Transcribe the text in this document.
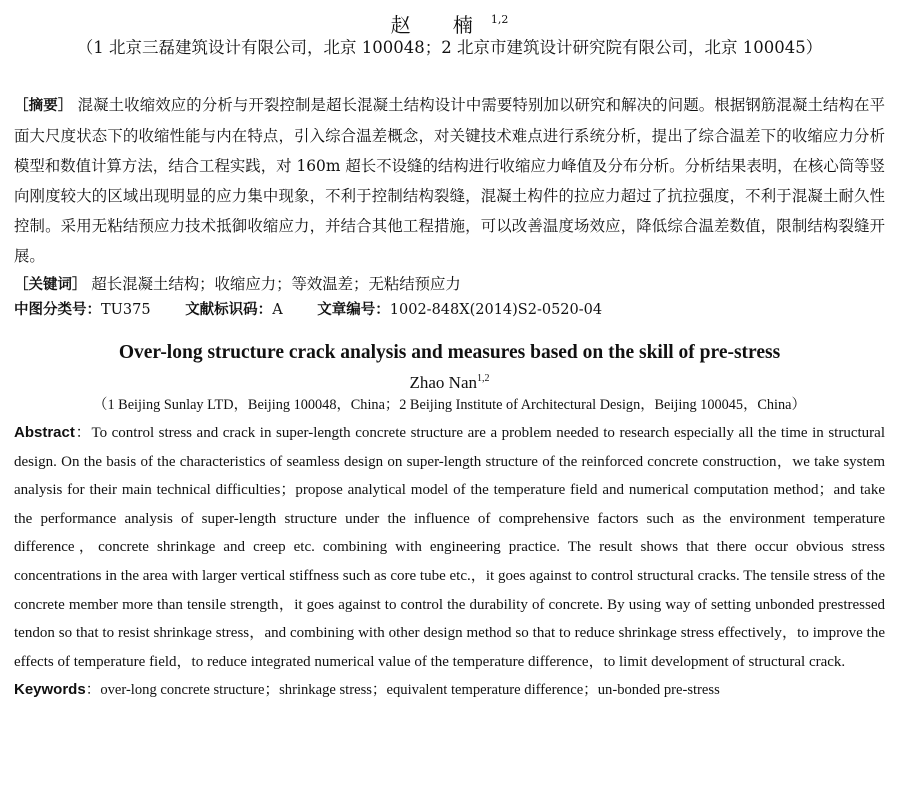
赵 楠$^{1,2}$
（1 北京三磊建筑设计有限公司，北京 100048；2 北京市建筑设计研究院有限公司，北京 100045）
［摘要］ 混凝土收缩效应的分析与开裂控制是超长混凝土结构设计中需要特别加以研究和解决的问题。根据钢筋混凝土结构在平面大尺度状态下的收缩性能与内在特点，引入综合温差概念，对关键技术难点进行系统分析，提出了综合温差下的收缩应力分析模型和数值计算方法，结合工程实践，对 160m 超长不设缝的结构进行收缩应力峰值及分布分析。分析结果表明，在核心筒等竖向刚度较大的区域出现明显的应力集中现象，不利于控制结构裂缝，混凝土构件的拉应力超过了抗拉强度，不利于混凝土耐久性控制。采用无粘结预应力技术抵御收缩应力，并结合其他工程措施，可以改善温度场效应，降低综合温差数值，限制结构裂缝开展。
［关键词］ 超长混凝土结构；收缩应力；等效温差；无粘结预应力
中图分类号：TU375 文献标识码：A 文章编号：1002-848X(2014)S2-0520-04
Over-long structure crack analysis and measures based on the skill of pre-stress
Zhao Nan$^{1,2}$
（1 Beijing Sunlay LTD，Beijing 100048，China；2 Beijing Institute of Architectural Design，Beijing 100045，China）
Abstract：To control stress and crack in super-length concrete structure are a problem needed to research especially all the time in structural design. On the basis of the characteristics of seamless design on super-length structure of the reinforced concrete construction，we take system analysis for their main technical difficulties；propose analytical model of the temperature field and numerical computation method；and take the performance analysis of super-length structure under the influence of comprehensive factors such as the environment temperature difference，concrete shrinkage and creep etc. combining with engineering practice. The result shows that there occur obvious stress concentrations in the area with larger vertical stiffness such as core tube etc.，it goes against to control structural cracks. The tensile stress of the concrete member more than tensile strength，it goes against to control the durability of concrete. By using way of setting unbonded prestressed tendon so that to resist shrinkage stress，and combining with other design method so that to reduce shrinkage stress effectively，to improve the effects of temperature field，to reduce integrated numerical value of the temperature difference，to limit development of structural crack.
Keywords：over-long concrete structure；shrinkage stress；equivalent temperature difference；un-bonded pre-stress
